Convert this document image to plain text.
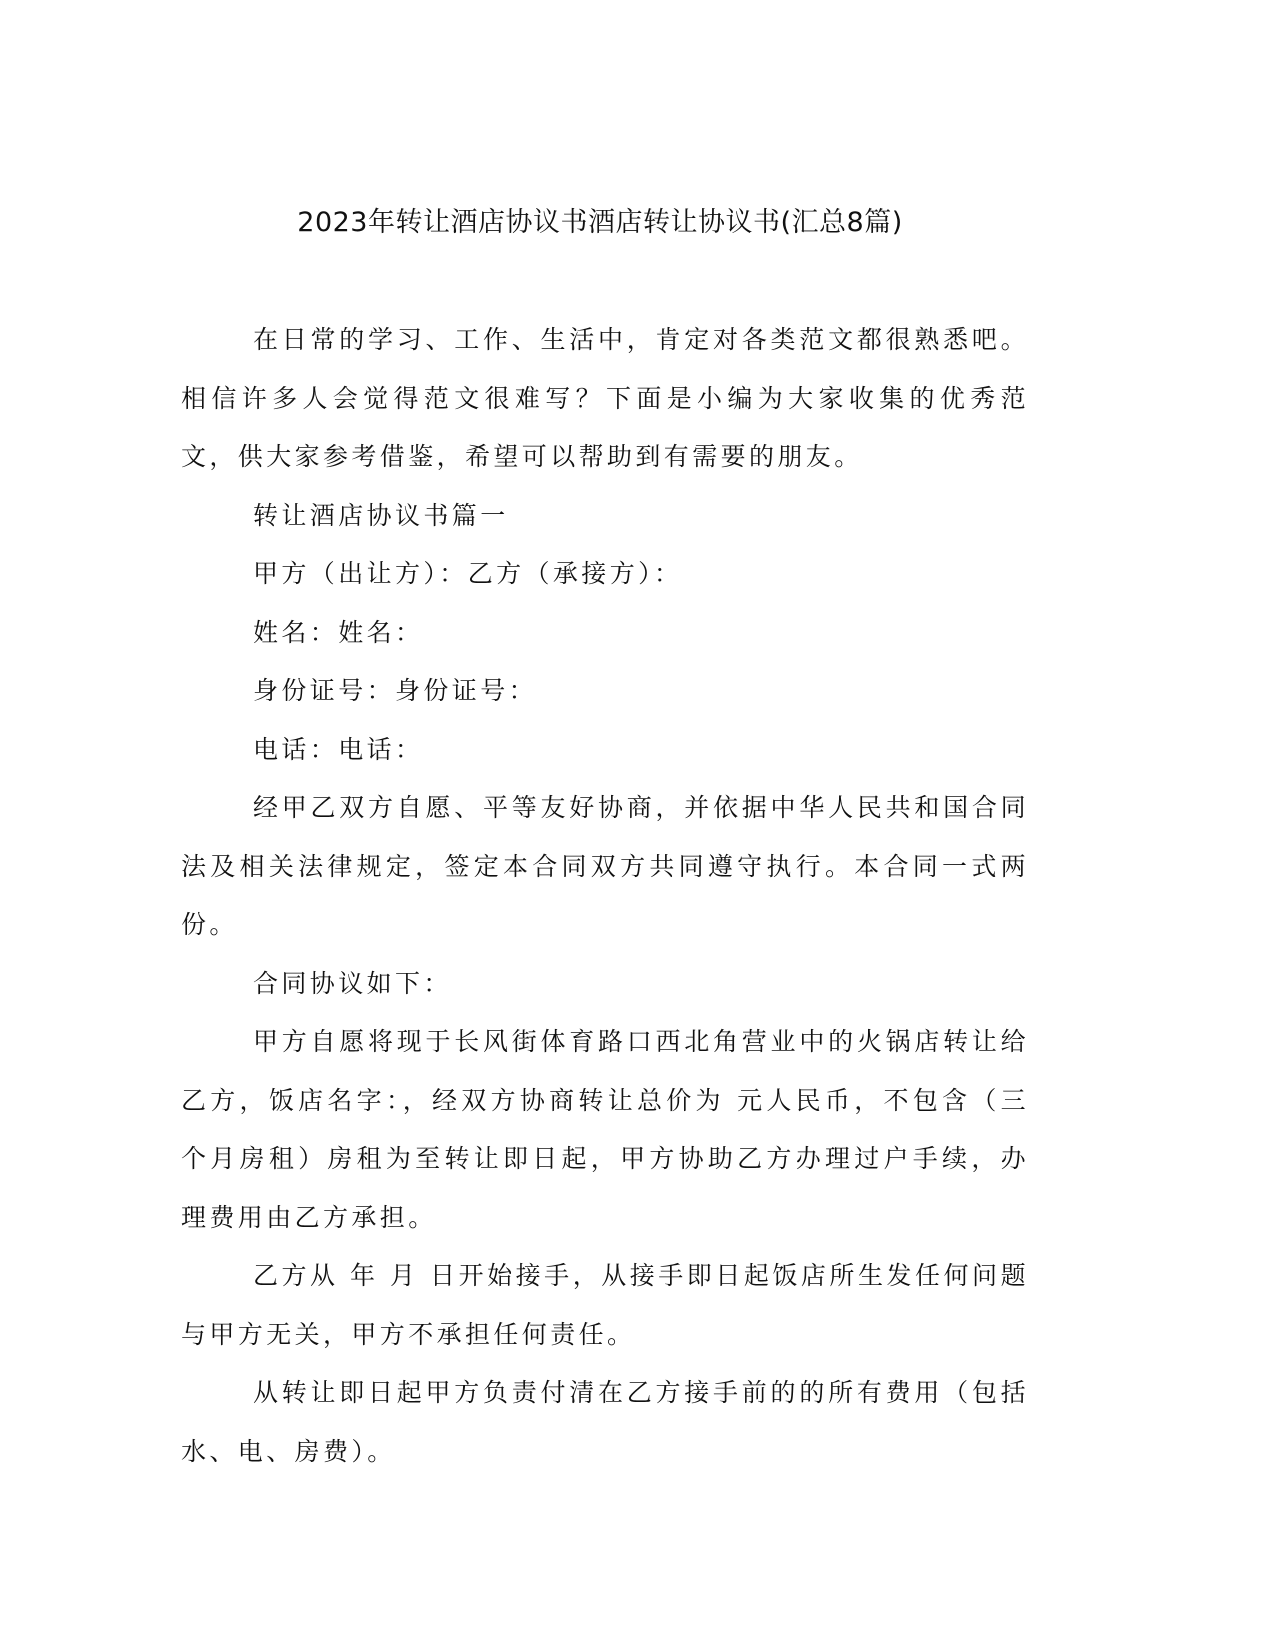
2023年转让酒店协议书酒店转让协议书(汇总8篇)

在日常的学习、工作、生活中，肯定对各类范文都很熟悉吧。相信许多人会觉得范文很难写？下面是小编为大家收集的优秀范文，供大家参考借鉴，希望可以帮助到有需要的朋友。

转让酒店协议书篇一

甲方（出让方）：乙方（承接方）：

姓名：姓名：

身份证号：身份证号：

电话：电话：

经甲乙双方自愿、平等友好协商，并依据中华人民共和国合同法及相关法律规定，签定本合同双方共同遵守执行。本合同一式两份。

合同协议如下：

甲方自愿将现于长风街体育路口西北角营业中的火锅店转让给乙方，饭店名字：，经双方协商转让总价为 元人民币，不包含（三个月房租）房租为至转让即日起，甲方协助乙方办理过户手续，办理费用由乙方承担。

乙方从 年 月 日开始接手，从接手即日起饭店所生发任何问题与甲方无关，甲方不承担任何责任。

从转让即日起甲方负责付清在乙方接手前的的所有费用（包括水、电、房费）。
